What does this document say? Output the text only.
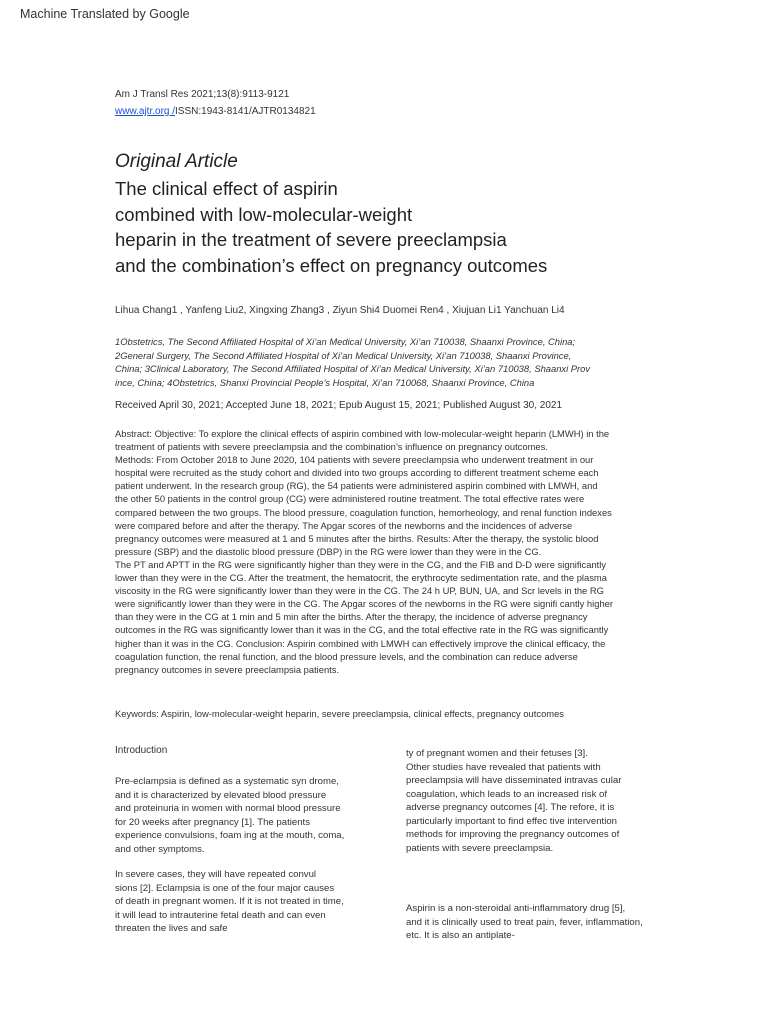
Machine Translated by Google
Am J Transl Res 2021;13(8):9113-9121
www.ajtr.org /ISSN:1943-8141/AJTR0134821
Original Article
The clinical effect of aspirin
combined with low-molecular-weight
heparin in the treatment of severe preeclampsia
and the combination’s effect on pregnancy outcomes
Lihua Chang1 , Yanfeng Liu2, Xingxing Zhang3 , Ziyun Shi4 Duomei Ren4 , Xiujuan Li1 Yanchuan Li4
1Obstetrics, The Second Affiliated Hospital of Xi’an Medical University, Xi’an 710038, Shaanxi Province, China;
2General Surgery, The Second Affiliated Hospital of Xi’an Medical University, Xi’an 710038, Shaanxi Province,
China; 3Clinical Laboratory, The Second Affiliated Hospital of Xi’an Medical University, Xi’an 710038, Shaanxi Prov
ince, China; 4Obstetrics, Shanxi Provincial People’s Hospital, Xi’an 710068, Shaanxi Province, China
Received April 30, 2021; Accepted June 18, 2021; Epub August 15, 2021; Published August 30, 2021
Abstract: Objective: To explore the clinical effects of aspirin combined with low-molecular-weight heparin (LMWH) in the
treatment of patients with severe preeclampsia and the combination’s influence on pregnancy outcomes.
Methods: From October 2018 to June 2020, 104 patients with severe preeclampsia who underwent treatment in our
hospital were recruited as the study cohort and divided into two groups according to different treatment scheme each
patient underwent. In the research group (RG), the 54 patients were administered aspirin combined with LMWH, and
the other 50 patients in the control group (CG) were administered routine treatment. The total effective rates were
compared between the two groups. The blood pressure, coagulation function, hemorheology, and renal function indexes
were compared before and after the therapy. The Apgar scores of the newborns and the incidences of adverse
pregnancy outcomes were measured at 1 and 5 minutes after the births. Results: After the therapy, the systolic blood
pressure (SBP) and the diastolic blood pressure (DBP) in the RG were lower than they were in the CG.
The PT and APTT in the RG were significantly higher than they were in the CG, and the FIB and D-D were significantly
lower than they were in the CG. After the treatment, the hematocrit, the erythrocyte sedimentation rate, and the plasma
viscosity in the RG were significantly lower than they were in the CG. The 24 h UP, BUN, UA, and Scr levels in the RG
were significantly lower than they were in the CG. The Apgar scores of the newborns in the RG were signifi cantly higher
than they were in the CG at 1 min and 5 min after the births. After the therapy, the incidence of adverse pregnancy
outcomes in the RG was significantly lower than it was in the CG, and the total effective rate in the RG was significantly
higher than it was in the CG. Conclusion: Aspirin combined with LMWH can effectively improve the clinical efficacy, the
coagulation function, the renal function, and the blood pressure levels, and the combination can reduce adverse
pregnancy outcomes in severe preeclampsia patients.
Keywords: Aspirin, low-molecular-weight heparin, severe preeclampsia, clinical effects, pregnancy outcomes
Introduction
Pre-eclampsia is defined as a systematic syn drome,
and it is characterized by elevated blood pressure
and proteinuria in women with normal blood pressure
for 20 weeks after pregnancy [1]. The patients
experience convulsions, foam ing at the mouth, coma,
and other symptoms.
In severe cases, they will have repeated convul
sions [2]. Eclampsia is one of the four major causes
of death in pregnant women. If it is not treated in time,
it will lead to intrauterine fetal death and can even
threaten the lives and safe
ty of pregnant women and their fetuses [3].
Other studies have revealed that patients with
preeclampsia will have disseminated intravas cular
coagulation, which leads to an increased risk of
adverse pregnancy outcomes [4]. The refore, it is
particularly important to find effec tive intervention
methods for improving the pregnancy outcomes of
patients with severe preeclampsia.
Aspirin is a non-steroidal anti-inflammatory drug [5],
and it is clinically used to treat pain, fever, inflammation,
etc. It is also an antiplate-
